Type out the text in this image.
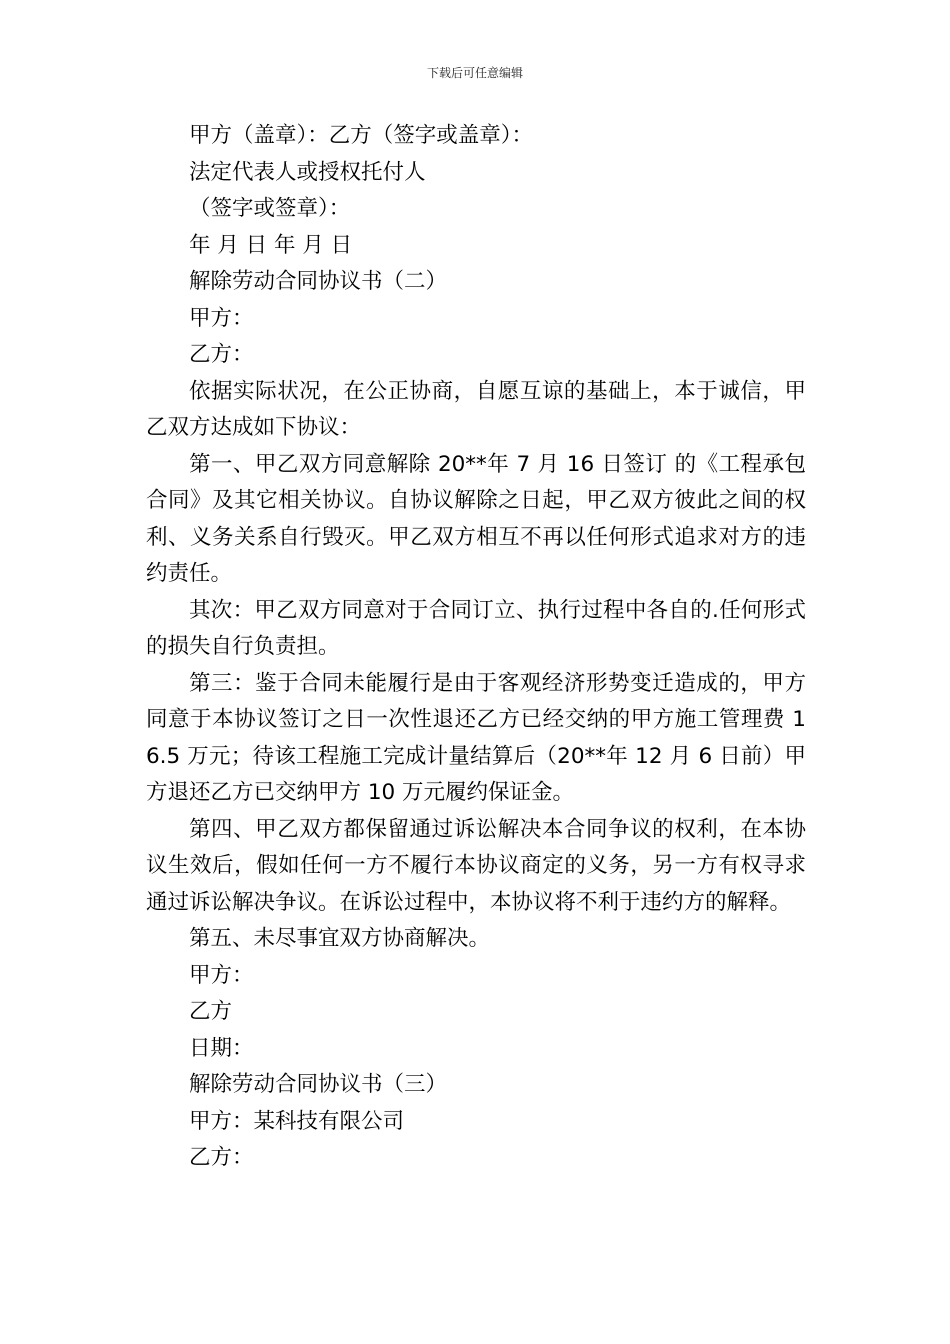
下载后可任意编辑

甲方（盖章）：乙方（签字或盖章）：

法定代表人或授权托付人

（签字或签章）：

年 月 日 年 月 日

解除劳动合同协议书（二）

甲方：

乙方：

依据实际状况，在公正协商，自愿互谅的基础上，本于诚信，甲乙双方达成如下协议：

第一、甲乙双方同意解除 20**年 7 月 16 日签订 的《工程承包合同》及其它相关协议。自协议解除之日起，甲乙双方彼此之间的权利、义务关系自行毁灭。甲乙双方相互不再以任何形式追求对方的违约责任。

其次：甲乙双方同意对于合同订立、执行过程中各自的.任何形式的损失自行负责担。

第三：鉴于合同未能履行是由于客观经济形势变迁造成的，甲方同意于本协议签订之日一次性退还乙方已经交纳的甲方施工管理费 16.5 万元；待该工程施工完成计量结算后（20**年 12 月 6 日前）甲方退还乙方已交纳甲方 10 万元履约保证金。

第四、甲乙双方都保留通过诉讼解决本合同争议的权利，在本协议生效后，假如任何一方不履行本协议商定的义务，另一方有权寻求通过诉讼解决争议。在诉讼过程中，本协议将不利于违约方的解释。

第五、未尽事宜双方协商解决。

甲方：

乙方

日期：

解除劳动合同协议书（三）

甲方：某科技有限公司

乙方：
